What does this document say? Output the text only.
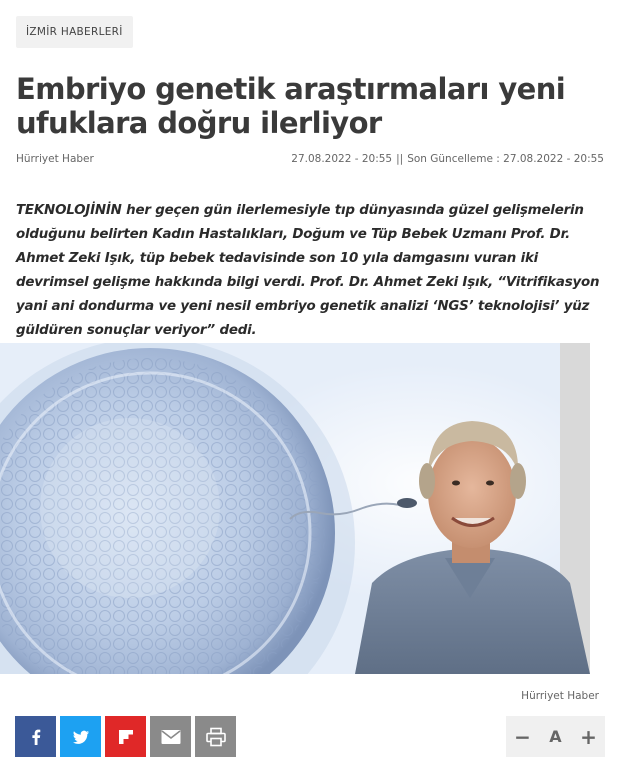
İZMİR HABERLERİ
Embriyo genetik araştırmaları yeni ufuklara doğru ilerliyor
Hürriyet Haber	27.08.2022 - 20:55 || Son Güncelleme : 27.08.2022 - 20:55

TEKNOLOJİNİN her geçen gün ilerlemesiyle tıp dünyasında güzel gelişmelerin olduğunu belirten Kadın Hastalıkları, Doğum ve Tüp Bebek Uzmanı Prof. Dr. Ahmet Zeki Işık, tüp bebek tedavisinde son 10 yıla damgasını vuran iki devrimsel gelişme hakkında bilgi verdi. Prof. Dr. Ahmet Zeki Işık, “Vitrifikasyon yani ani dondurma ve yeni nesil embriyo genetik analizi ‘NGS’ teknolojisi’ yüz güldüren sonuçlar veriyor” dedi.

Hürriyet Haber
−	A +
